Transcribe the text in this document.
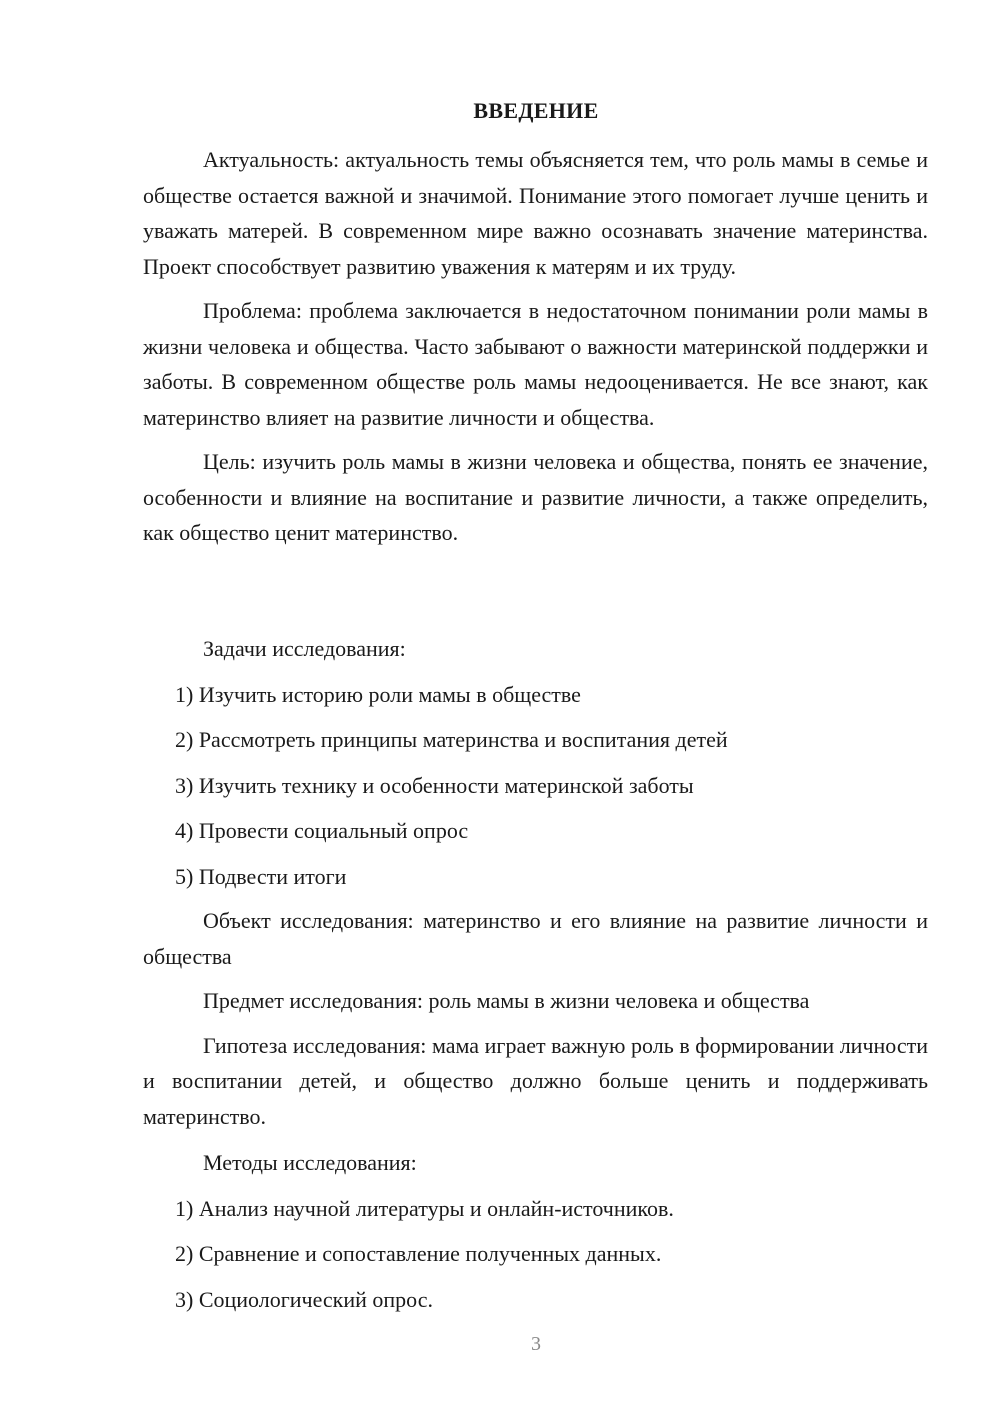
ВВЕДЕНИЕ

Актуальность: актуальность темы объясняется тем, что роль мамы в семье и обществе остается важной и значимой. Понимание этого помогает лучше ценить и уважать матерей. В современном мире важно осознавать значение материнства. Проект способствует развитию уважения к матерям и их труду.

Проблема: проблема заключается в недостаточном понимании роли мамы в жизни человека и общества. Часто забывают о важности материнской поддержки и заботы. В современном обществе роль мамы недооценивается. Не все знают, как материнство влияет на развитие личности и общества.

Цель: изучить роль мамы в жизни человека и общества, понять ее значение, особенности и влияние на воспитание и развитие личности, а также определить, как общество ценит материнство.

Задачи исследования:

1) Изучить историю роли мамы в обществе

2) Рассмотреть принципы материнства и воспитания детей

3) Изучить технику и особенности материнской заботы

4) Провести социальный опрос

5) Подвести итоги

Объект исследования: материнство и его влияние на развитие личности и общества

Предмет исследования: роль мамы в жизни человека и общества

Гипотеза исследования: мама играет важную роль в формировании личности и воспитании детей, и общество должно больше ценить и поддерживать материнство.

Методы исследования:

1) Анализ научной литературы и онлайн-источников.

2) Сравнение и сопоставление полученных данных.

3) Социологический опрос.

3
